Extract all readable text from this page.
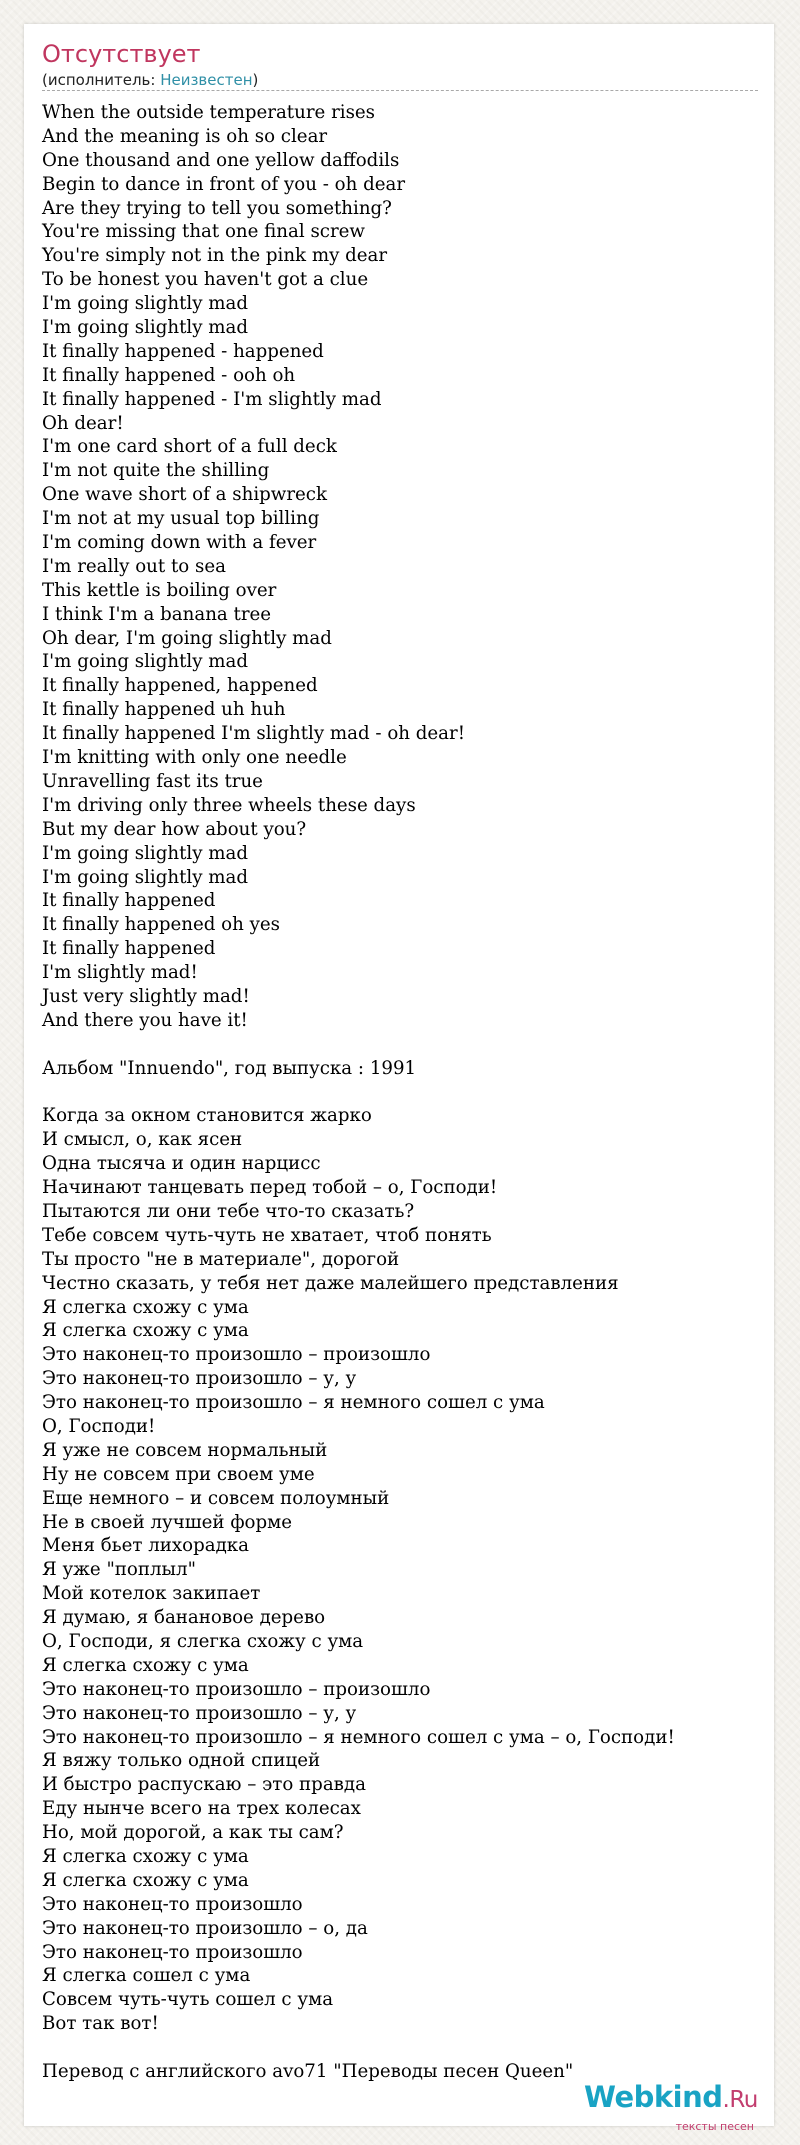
Отсутствует
(исполнитель: Неизвестен)
When the outside temperature rises
And the meaning is oh so clear
One thousand and one yellow daffodils
Begin to dance in front of you - oh dear
Are they trying to tell you something?
You're missing that one final screw
You're simply not in the pink my dear
To be honest you haven't got a clue
I'm going slightly mad
I'm going slightly mad
It finally happened - happened
It finally happened - ooh oh
It finally happened - I'm slightly mad
Oh dear!
I'm one card short of a full deck
I'm not quite the shilling
One wave short of a shipwreck
I'm not at my usual top billing
I'm coming down with a fever
I'm really out to sea
This kettle is boiling over
I think I'm a banana tree
Oh dear, I'm going slightly mad
I'm going slightly mad
It finally happened, happened
It finally happened uh huh
It finally happened I'm slightly mad - oh dear!
I'm knitting with only one needle
Unravelling fast its true
I'm driving only three wheels these days
But my dear how about you?
I'm going slightly mad
I'm going slightly mad
It finally happened
It finally happened oh yes
It finally happened
I'm slightly mad!
Just very slightly mad!
And there you have it!
Альбом "Innuendo", год выпуска : 1991
Когда за окном становится жарко
И смысл, о, как ясен
Одна тысяча и один нарцисс
Начинают танцевать перед тобой – о, Господи!
Пытаются ли они тебе что-то сказать?
Тебе совсем чуть-чуть не хватает, чтоб понять
Ты просто "не в материале", дорогой
Честно сказать, у тебя нет даже малейшего представления
Я слегка схожу с ума
Я слегка схожу с ума
Это наконец-то произошло – произошло
Это наконец-то произошло – у, у
Это наконец-то произошло – я немного сошел с ума
О, Господи!
Я уже не совсем нормальный
Ну не совсем при своем уме
Еще немного – и совсем полоумный
Не в своей лучшей форме
Меня бьет лихорадка
Я уже "поплыл"
Мой котелок закипает
Я думаю, я банановое дерево
О, Господи, я слегка схожу с ума
Я слегка схожу с ума
Это наконец-то произошло – произошло
Это наконец-то произошло – у, у
Это наконец-то произошло – я немного сошел с ума – о, Господи!
Я вяжу только одной спицей
И быстро распускаю – это правда
Еду нынче всего на трех колесах
Но, мой дорогой, а как ты сам?
Я слегка схожу с ума
Я слегка схожу с ума
Это наконец-то произошло
Это наконец-то произошло – о, да
Это наконец-то произошло
Я слегка сошел с ума
Совсем чуть-чуть сошел с ума
Вот так вот!
Перевод с английского avo71 "Переводы песен Queen"
Webkind.Ru
тексты песен
